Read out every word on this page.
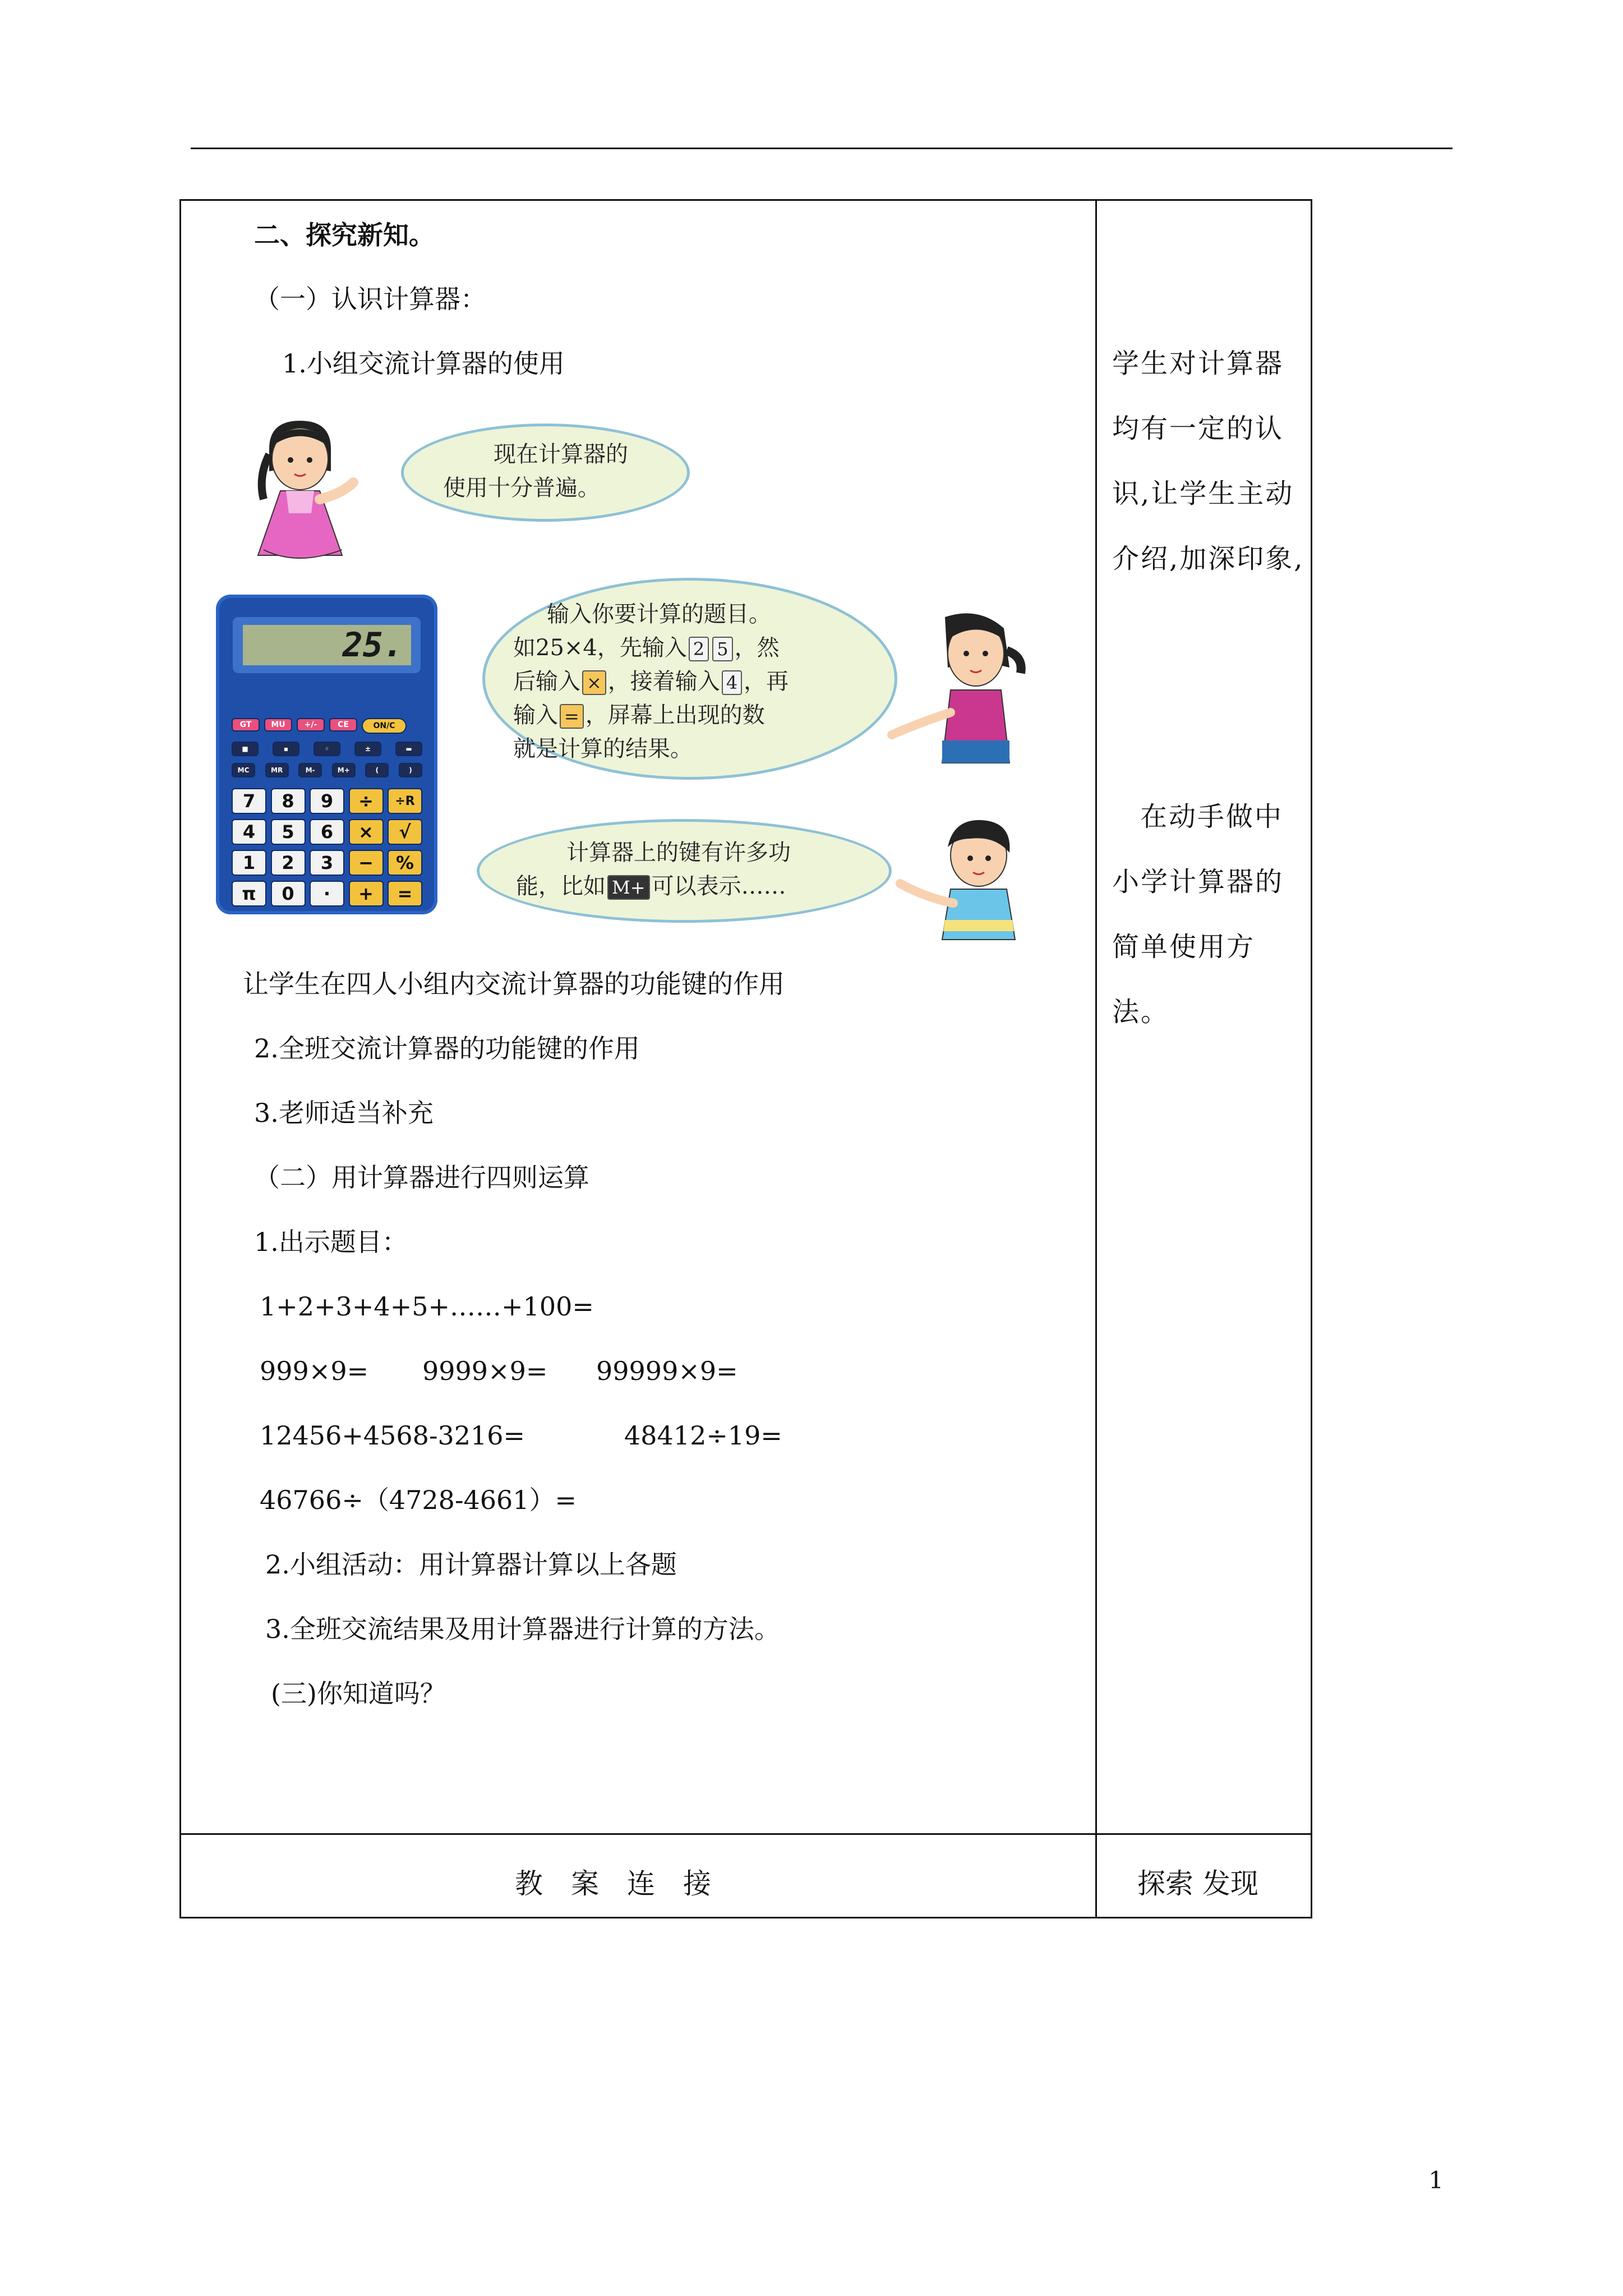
二、探究新知。
（一）认识计算器：
1.小组交流计算器的使用
让学生在四人小组内交流计算器的功能键的作用
2.全班交流计算器的功能键的作用
3.老师适当补充
（二）用计算器进行四则运算
1.出示题目：
1+2+3+4+5+……+100=
999×9= 9999×9= 99999×9=
12456+4568-3216=	48412÷19=
46766÷（4728-4661）=
2.小组活动：用计算器计算以上各题
3.全班交流结果及用计算器进行计算的方法。
(三)你知道吗？
学生对计算器
均有一定的认
识,让学生主动
介绍,加深印象,
在动手做中
小学计算器的
简单使用方法。
教　案　连　接	探索 发现
现在计算器的
使用十分普遍。
25.
GT	MU	+/-	CE	ON/C
■	▪	◦	±	▬
MC	MR	M-	M+	(	)
7	8	9	÷	÷R
4	5	6	×	√
1	2	3	−	%
π	0	·	+	=
输入你要计算的题目。
如25×4，先输入 2 5 ，然
后输入 × ，接着输入 4 ，再
输入 = ，屏幕上出现的数
就是计算的结果。
计算器上的键有许多功
能，比如 M+ 可以表示……
1
